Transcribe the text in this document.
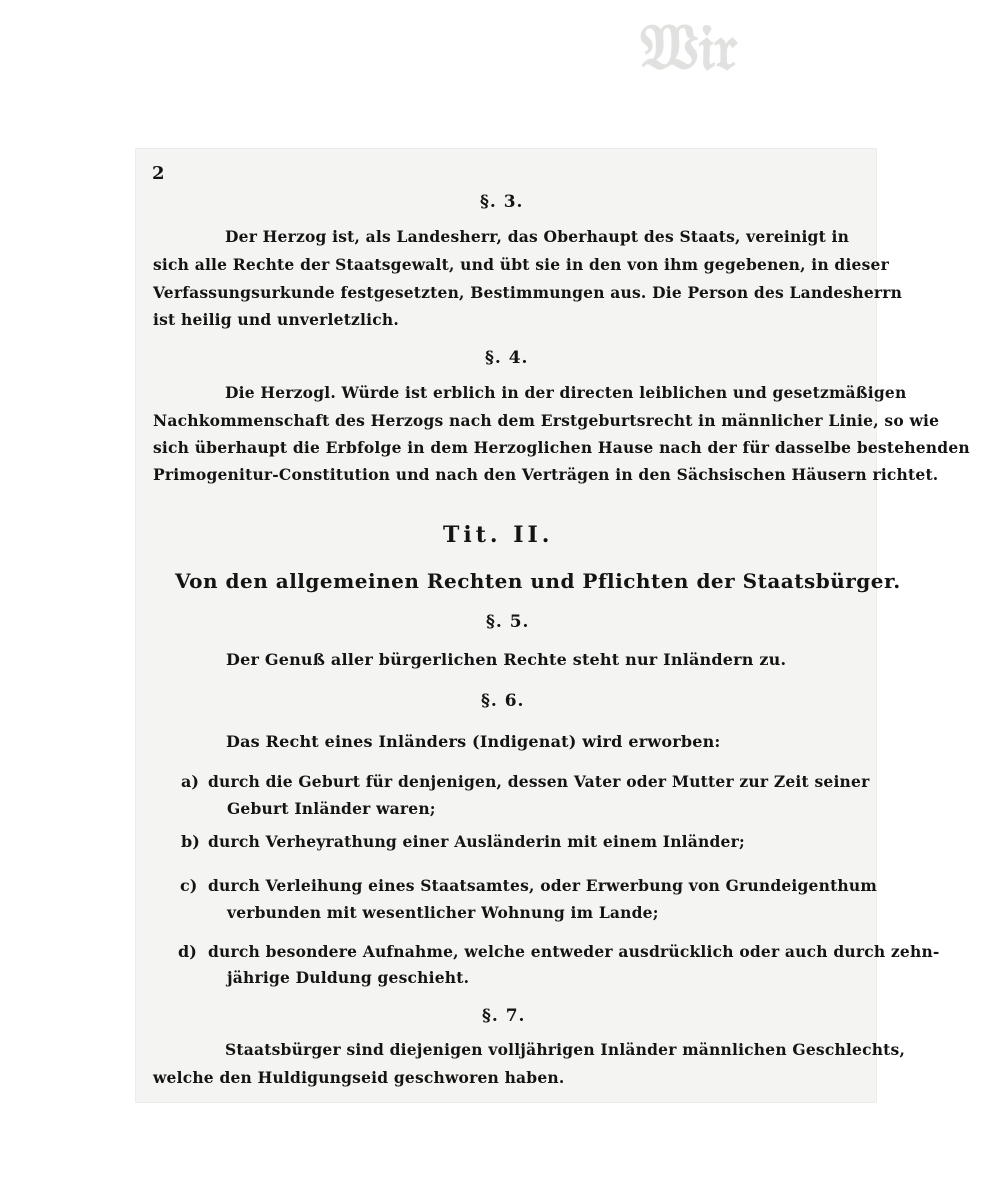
𝔚𝔦𝔯
2
§. 3.
Der Herzog ist, als Landesherr, das Oberhaupt des Staats, vereinigt in
sich alle Rechte der Staatsgewalt, und übt sie in den von ihm gegebenen, in dieser
Verfassungsurkunde festgesetzten, Bestimmungen aus. Die Person des Landesherrn
ist heilig und unverletzlich.
§. 4.
Die Herzogl. Würde ist erblich in der directen leiblichen und gesetzmäßigen
Nachkommenschaft des Herzogs nach dem Erstgeburtsrecht in männlicher Linie, so wie
sich überhaupt die Erbfolge in dem Herzoglichen Hause nach der für dasselbe bestehenden
Primogenitur-Constitution und nach den Verträgen in den Sächsischen Häusern richtet.
Tit. II.
Von den allgemeinen Rechten und Pflichten der Staatsbürger.
§. 5.
Der Genuß aller bürgerlichen Rechte steht nur Inländern zu.
§. 6.
Das Recht eines Inländers (Indigenat) wird erworben:
a) durch die Geburt für denjenigen, dessen Vater oder Mutter zur Zeit seiner
Geburt Inländer waren;
b) durch Verheyrathung einer Ausländerin mit einem Inländer;
c) durch Verleihung eines Staatsamtes, oder Erwerbung von Grundeigenthum
verbunden mit wesentlicher Wohnung im Lande;
d) durch besondere Aufnahme, welche entweder ausdrücklich oder auch durch zehn-
jährige Duldung geschieht.
§. 7.
Staatsbürger sind diejenigen volljährigen Inländer männlichen Geschlechts,
welche den Huldigungseid geschworen haben.
